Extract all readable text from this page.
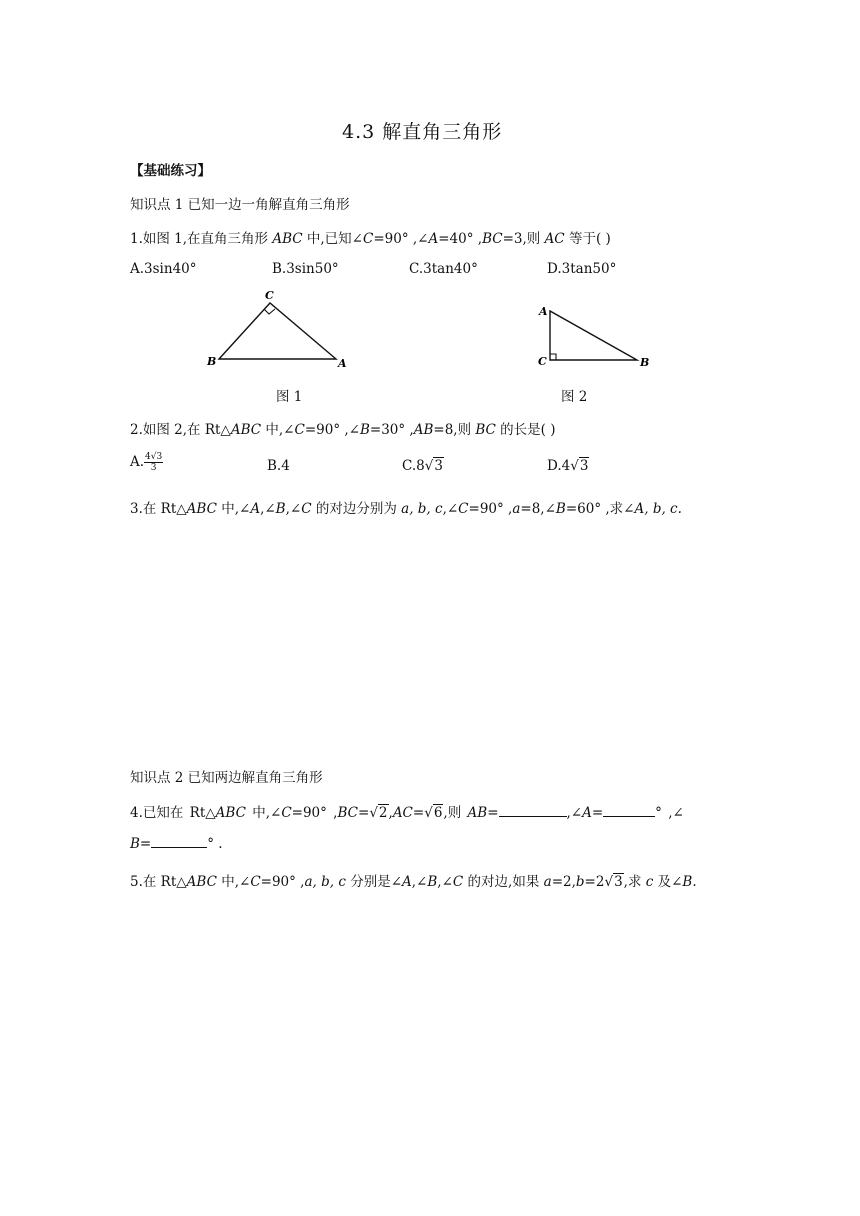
4.3 解直角三角形
【基础练习】
知识点 1 已知一边一角解直角三角形
1.如图 1,在直角三角形 ABC 中,已知∠C=90° ,∠A=40° ,BC=3,则 AC 等于( )
A.3sin40°	B.3sin50°	C.3tan40°	D.3tan50°
C
B	A
图 1
A
C	B
图 2
2.如图 2,在 Rt△ABC 中,∠C=90° ,∠B=30° ,AB=8,则 BC 的长是( )
A. $\frac{4√3}{3}$	B.4	C.8√3	D.4√3
3.在 Rt△ABC 中,∠A,∠B,∠C 的对边分别为 a, b, c,∠C=90° ,a=8,∠B=60° ,求∠A, b, c.
知识点 2 已知两边解直角三角形
4.已知在 Rt△ABC 中,∠C=90° ,BC=√2,AC=√6,则 AB=	,∠A=	° ,∠
B=	° .
5.在 Rt△ABC 中,∠C=90° ,a, b, c 分别是∠A,∠B,∠C 的对边,如果 a=2,b=2√3,求 c 及∠B.
